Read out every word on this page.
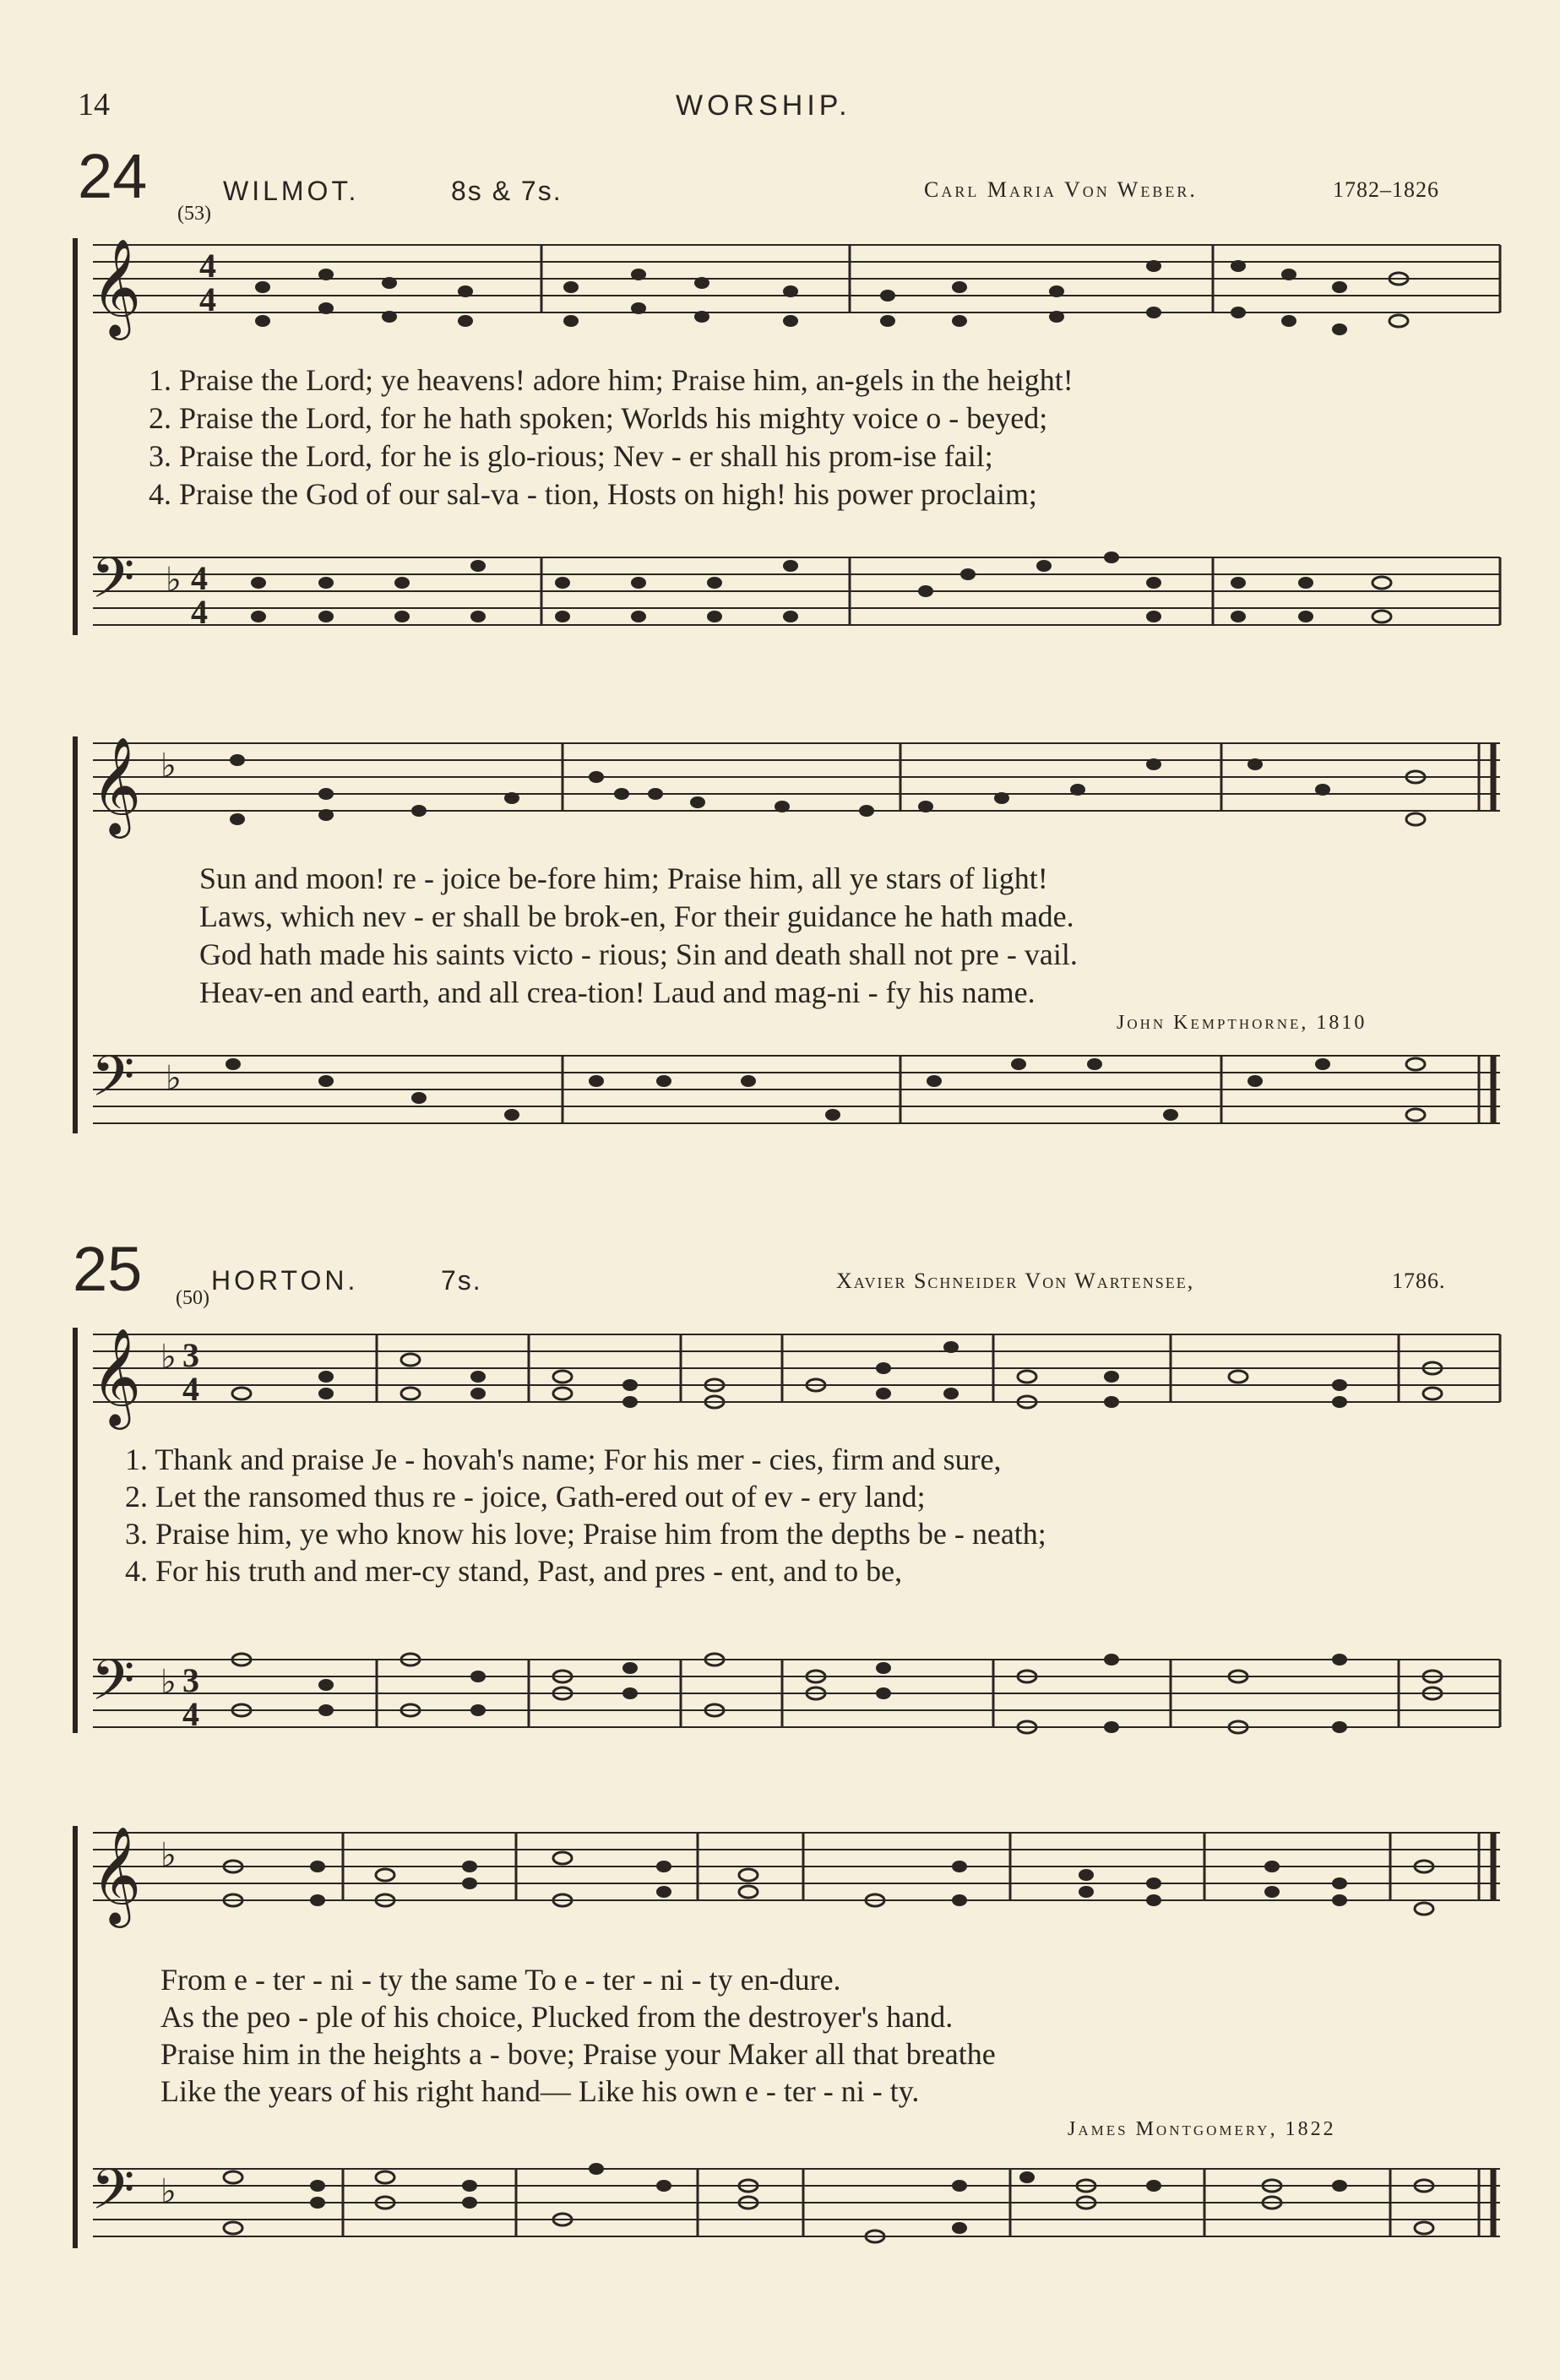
14	WORSHIP.
24
(53)
WILMOT.	8s & 7s.	Carl Maria Von Weber.	1782–1826
𝄞 4
4
1. Praise the Lord; ye heavens! adore him; Praise him, an-gels in the height!
2. Praise the Lord, for he hath spoken; Worlds his mighty voice o - beyed;
3. Praise the Lord, for he is glo-rious; Nev - er shall his prom-ise fail;
4. Praise the God of our sal-va - tion, Hosts on high! his power proclaim;
𝄢 ♭ 4
4
𝄞 ♭
Sun and moon! re - joice be-fore him; Praise him, all ye stars of light!
Laws, which nev - er shall be brok-en, For their guidance he hath made.
God hath made his saints victo - rious; Sin and death shall not pre - vail.
Heav-en and earth, and all crea-tion! Laud and mag-ni - fy his name.
John Kempthorne, 1810
𝄢 ♭
25 (50)
HORTON.	7s.	Xavier Schneider Von Wartensee,	1786.
𝄞 ♭ 3
4
1. Thank and praise Je - hovah's name; For his mer - cies, firm and sure,
2. Let the ransomed thus re - joice, Gath-ered out of ev - ery land;
3. Praise him, ye who know his love; Praise him from the depths be - neath;
4. For his truth and mer-cy stand, Past, and pres - ent, and to be,
𝄢 ♭ 3
4
𝄞 ♭
From e - ter - ni - ty the same To e - ter - ni - ty en-dure.
As the peo - ple of his choice, Plucked from the destroyer's hand.
Praise him in the heights a - bove; Praise your Maker all that breathe
Like the years of his right hand— Like his own e - ter - ni - ty.
James Montgomery, 1822
𝄢 ♭
